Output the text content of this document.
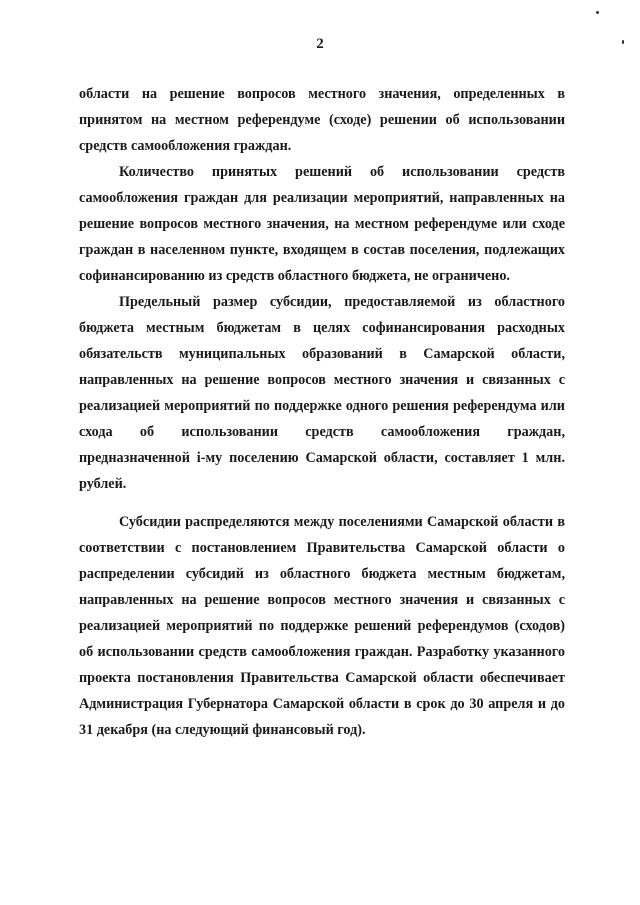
2

области на решение вопросов местного значения, определенных в
принятом на местном референдуме (сходе) решении об использовании
средств самообложения граждан.

Количество принятых решений об использовании средств
самообложения граждан для реализации мероприятий, направленных на
решение вопросов местного значения, на местном референдуме или сходе
граждан в населенном пункте, входящем в состав поселения, подлежащих
софинансированию из средств областного бюджета, не ограничено.

Предельный размер субсидии, предоставляемой из областного
бюджета местным бюджетам в целях софинансирования расходных
обязательств муниципальных образований в Самарской области,
направленных на решение вопросов местного значения и связанных с
реализацией мероприятий по поддержке одного решения референдума или
схода об использовании средств самообложения граждан,
предназначенной i-му поселению Самарской области, составляет 1 млн.
рублей.

Субсидии распределяются между поселениями Самарской области в
соответствии с постановлением Правительства Самарской области о
распределении субсидий из областного бюджета местным бюджетам,
направленных на решение вопросов местного значения и связанных с
реализацией мероприятий по поддержке решений референдумов (сходов)
об использовании средств самообложения граждан. Разработку указанного
проекта постановления Правительства Самарской области обеспечивает
Администрация Губернатора Самарской области в срок до 30 апреля и до
31 декабря (на следующий финансовый год).
